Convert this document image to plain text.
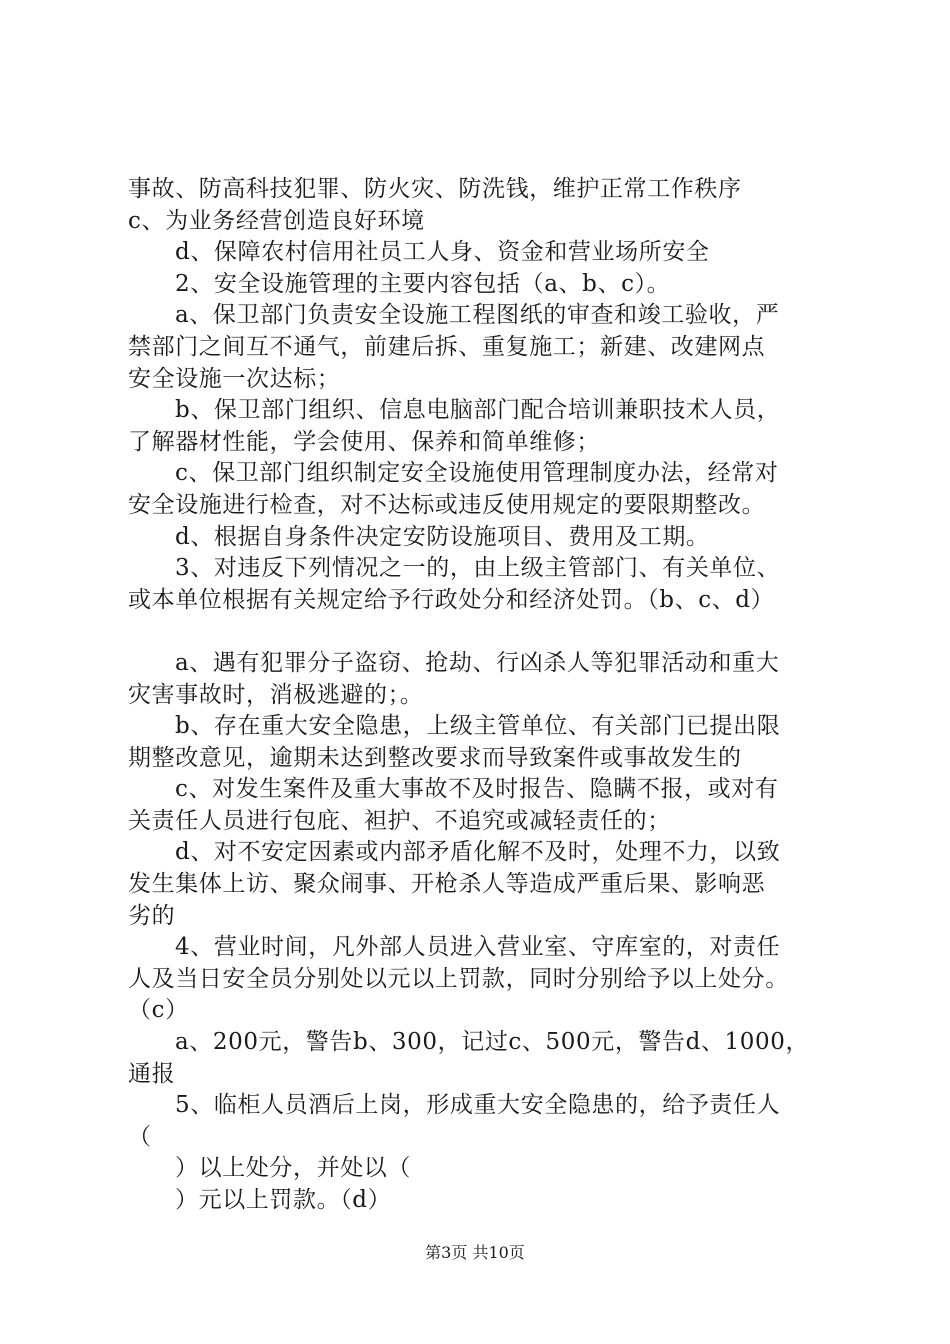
事故、防高科技犯罪、防火灾、防洗钱，维护正常工作秩序
c、为业务经营创造良好环境
d、保障农村信用社员工人身、资金和营业场所安全
2、安全设施管理的主要内容包括（a、b、c）。
a、保卫部门负责安全设施工程图纸的审查和竣工验收，严
禁部门之间互不通气，前建后拆、重复施工；新建、改建网点
安全设施一次达标；
b、保卫部门组织、信息电脑部门配合培训兼职技术人员，
了解器材性能，学会使用、保养和简单维修；
c、保卫部门组织制定安全设施使用管理制度办法，经常对
安全设施进行检查，对不达标或违反使用规定的要限期整改。
d、根据自身条件决定安防设施项目、费用及工期。
3、对违反下列情况之一的，由上级主管部门、有关单位、
或本单位根据有关规定给予行政处分和经济处罚。（b、c、d）
a、遇有犯罪分子盗窃、抢劫、行凶杀人等犯罪活动和重大
灾害事故时，消极逃避的；。
b、存在重大安全隐患，上级主管单位、有关部门已提出限
期整改意见，逾期未达到整改要求而导致案件或事故发生的
c、对发生案件及重大事故不及时报告、隐瞒不报，或对有
关责任人员进行包庇、袒护、不追究或减轻责任的；
d、对不安定因素或内部矛盾化解不及时，处理不力，以致
发生集体上访、聚众闹事、开枪杀人等造成严重后果、影响恶
劣的
4、营业时间，凡外部人员进入营业室、守库室的，对责任
人及当日安全员分别处以元以上罚款，同时分别给予以上处分。
（c）
a、200元，警告b、300，记过c、500元，警告d、1000，
通报
5、临柜人员酒后上岗，形成重大安全隐患的，给予责任人
（
）以上处分，并处以（
）元以上罚款。（d）
第3页 共10页
